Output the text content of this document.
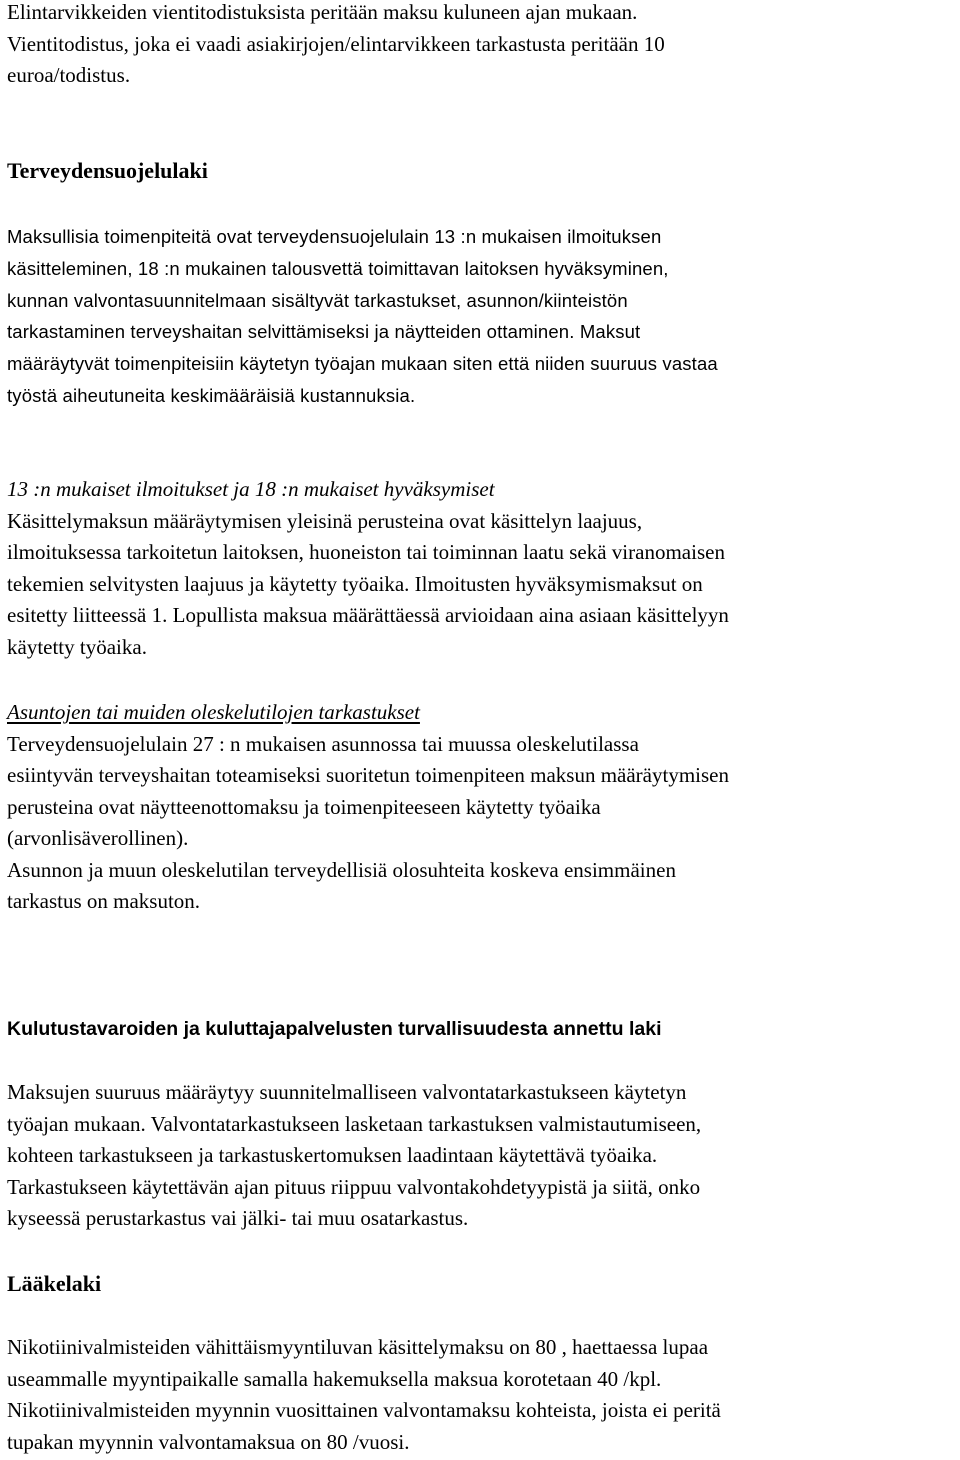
Elintarvikkeiden vientitodistuksista peritään maksu kuluneen ajan mukaan.
Vientitodistus, joka ei vaadi asiakirjojen/elintarvikkeen tarkastusta peritään 10
euroa/todistus.
Terveydensuojelulaki
Maksullisia toimenpiteitä ovat terveydensuojelulain 13 :n mukaisen ilmoituksen
käsitteleminen, 18 :n mukainen talousvettä toimittavan laitoksen hyväksyminen,
kunnan valvontasuunnitelmaan sisältyvät tarkastukset, asunnon/kiinteistön
tarkastaminen terveyshaitan selvittämiseksi ja näytteiden ottaminen. Maksut
määräytyvät toimenpiteisiin käytetyn työajan mukaan siten että niiden suuruus vastaa
työstä aiheutuneita keskimääräisiä kustannuksia.
13 :n mukaiset ilmoitukset ja 18 :n mukaiset hyväksymiset
Käsittelymaksun määräytymisen yleisinä perusteina ovat käsittelyn laajuus,
ilmoituksessa tarkoitetun laitoksen, huoneiston tai toiminnan laatu sekä viranomaisen
tekemien selvitysten laajuus ja käytetty työaika. Ilmoitusten hyväksymismaksut on
esitetty liitteessä 1. Lopullista maksua määrättäessä arvioidaan aina asiaan käsittelyyn
käytetty työaika.
Asuntojen tai muiden oleskelutilojen tarkastukset
Terveydensuojelulain 27 : n mukaisen asunnossa tai muussa oleskelutilassa
esiintyvän terveyshaitan toteamiseksi suoritetun toimenpiteen maksun määräytymisen
perusteina ovat näytteenottomaksu ja toimenpiteeseen käytetty työaika
(arvonlisäverollinen).
Asunnon ja muun oleskelutilan terveydellisiä olosuhteita koskeva ensimmäinen
tarkastus on maksuton.
Kulutustavaroiden ja kuluttajapalvelusten turvallisuudesta annettu laki
Maksujen suuruus määräytyy suunnitelmalliseen valvontatarkastukseen käytetyn
työajan mukaan. Valvontatarkastukseen lasketaan tarkastuksen valmistautumiseen,
kohteen tarkastukseen ja tarkastuskertomuksen laadintaan käytettävä työaika.
Tarkastukseen käytettävän ajan pituus riippuu valvontakohdetyypistä ja siitä, onko
kyseessä perustarkastus vai jälki- tai muu osatarkastus.
Lääkelaki
Nikotiinivalmisteiden vähittäismyyntiluvan käsittelymaksu on 80 , haettaessa lupaa
useammalle myyntipaikalle samalla hakemuksella maksua korotetaan 40 /kpl.
Nikotiinivalmisteiden myynnin vuosittainen valvontamaksu kohteista, joista ei peritä
tupakan myynnin valvontamaksua on 80 /vuosi.
